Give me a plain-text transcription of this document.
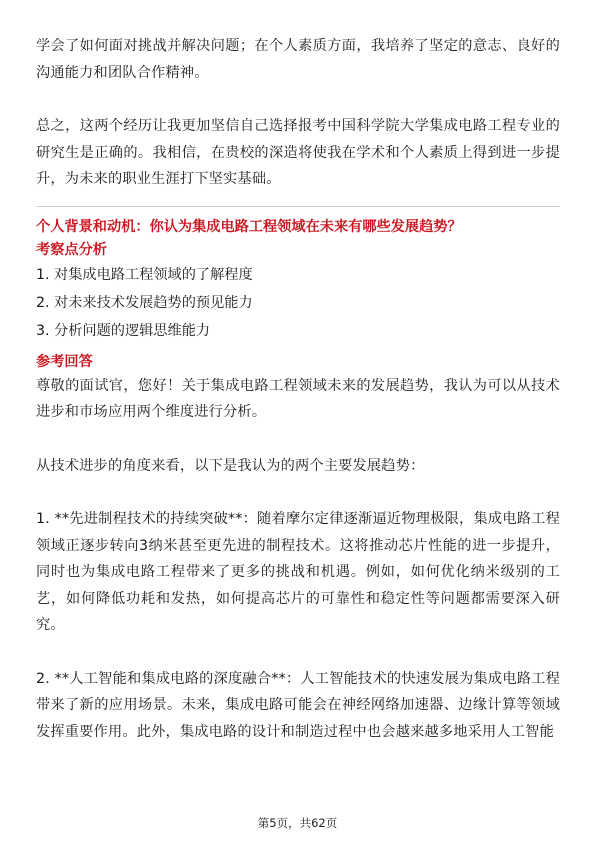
学会了如何面对挑战并解决问题；在个人素质方面，我培养了坚定的意志、良好的沟通能力和团队合作精神。

总之，这两个经历让我更加坚信自己选择报考中国科学院大学集成电路工程专业的研究生是正确的。我相信，在贵校的深造将使我在学术和个人素质上得到进一步提升，为未来的职业生涯打下坚实基础。

个人背景和动机：你认为集成电路工程领域在未来有哪些发展趋势？

考察点分析

1. 对集成电路工程领域的了解程度

2. 对未来技术发展趋势的预见能力

3. 分析问题的逻辑思维能力

参考回答

尊敬的面试官，您好！关于集成电路工程领域未来的发展趋势，我认为可以从技术进步和市场应用两个维度进行分析。

从技术进步的角度来看，以下是我认为的两个主要发展趋势：

1. **先进制程技术的持续突破**：随着摩尔定律逐渐逼近物理极限，集成电路工程领域正逐步转向3纳米甚至更先进的制程技术。这将推动芯片性能的进一步提升，同时也为集成电路工程带来了更多的挑战和机遇。例如，如何优化纳米级别的工艺，如何降低功耗和发热，如何提高芯片的可靠性和稳定性等问题都需要深入研究。

2. **人工智能和集成电路的深度融合**：人工智能技术的快速发展为集成电路工程带来了新的应用场景。未来，集成电路可能会在神经网络加速器、边缘计算等领域发挥重要作用。此外，集成电路的设计和制造过程中也会越来越多地采用人工智能

第5页，共62页
